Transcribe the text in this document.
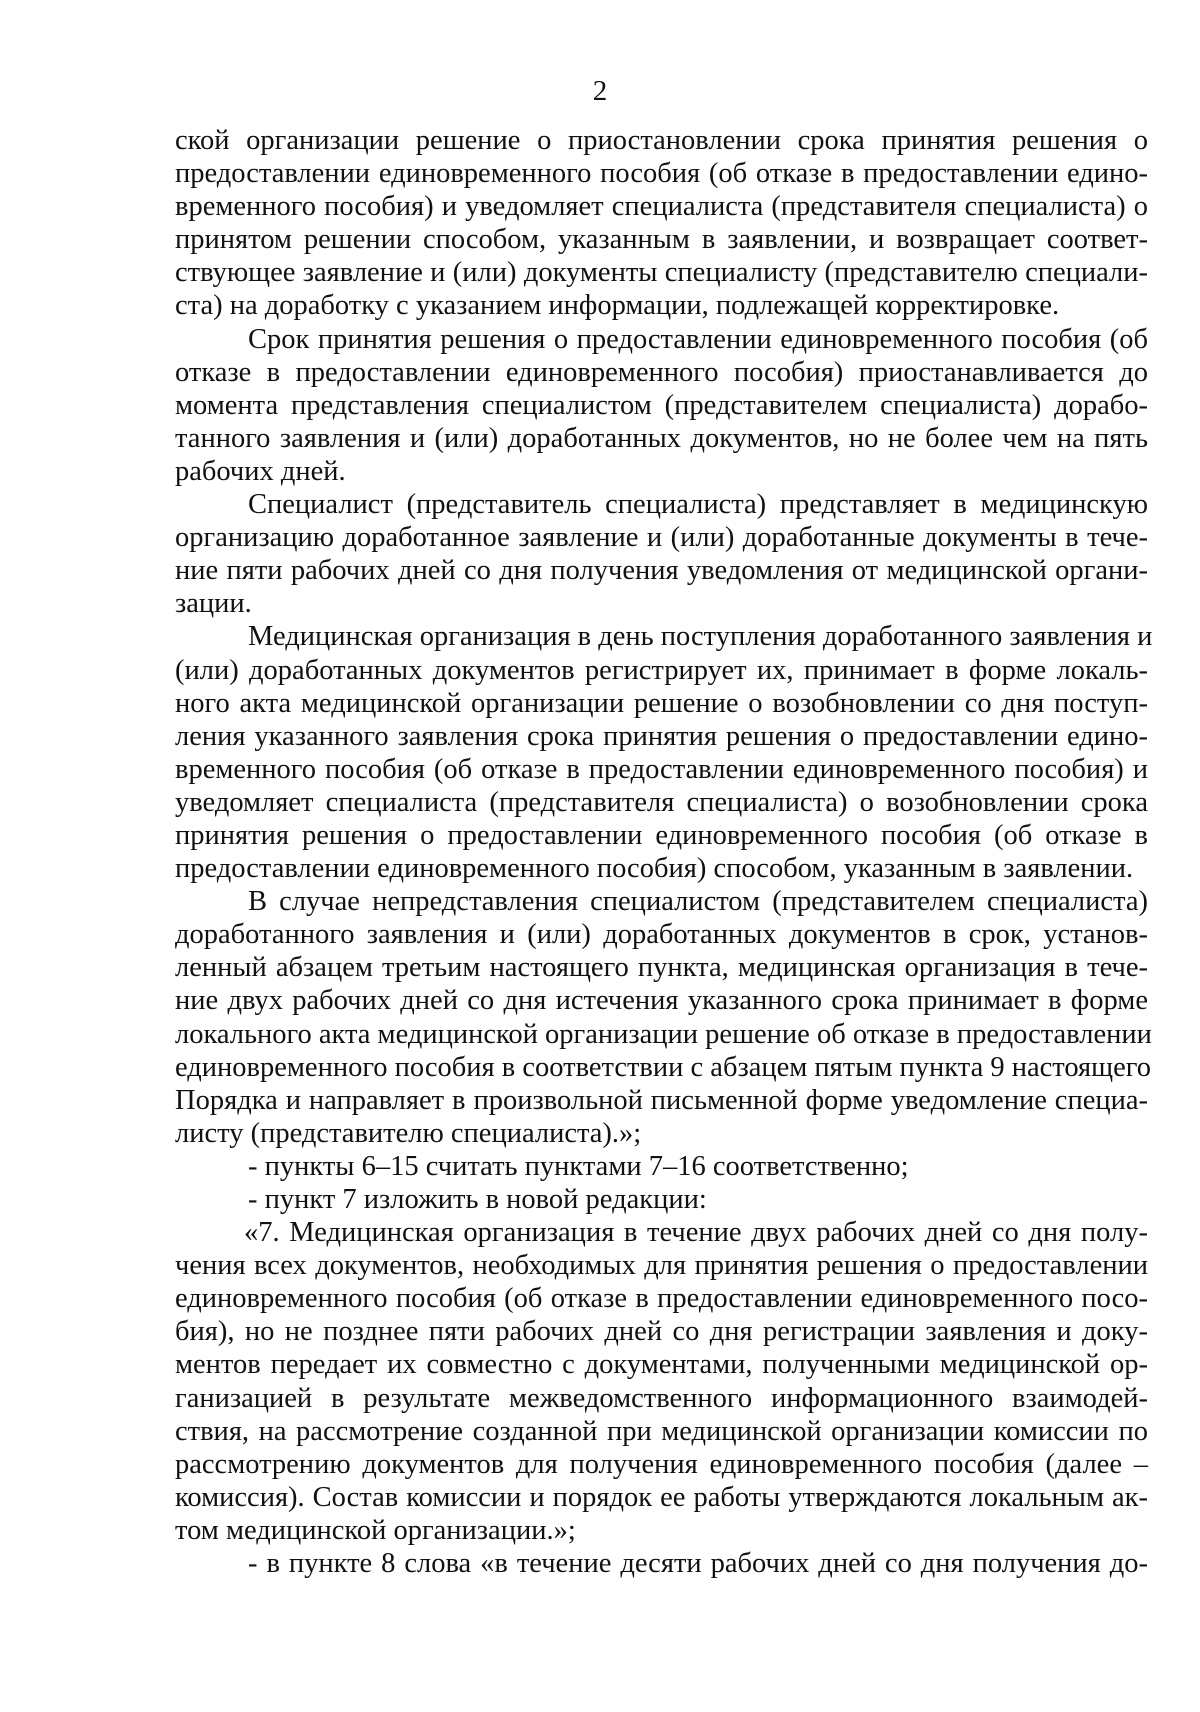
2
ской организации решение о приостановлении срока принятия решения о
предоставлении единовременного пособия (об отказе в предоставлении едино-
временного пособия) и уведомляет специалиста (представителя специалиста) о
принятом решении способом, указанным в заявлении, и возвращает соответ-
ствующее заявление и (или) документы специалисту (представителю специали-
ста) на доработку с указанием информации, подлежащей корректировке.
Срок принятия решения о предоставлении единовременного пособия (об
отказе в предоставлении единовременного пособия) приостанавливается до
момента представления специалистом (представителем специалиста) дорабо-
танного заявления и (или) доработанных документов, но не более чем на пять
рабочих дней.
Специалист (представитель специалиста) представляет в медицинскую
организацию доработанное заявление и (или) доработанные документы в тече-
ние пяти рабочих дней со дня получения уведомления от медицинской органи-
зации.
Медицинская организация в день поступления доработанного заявления и
(или) доработанных документов регистрирует их, принимает в форме локаль-
ного акта медицинской организации решение о возобновлении со дня поступ-
ления указанного заявления срока принятия решения о предоставлении едино-
временного пособия (об отказе в предоставлении единовременного пособия) и
уведомляет специалиста (представителя специалиста) о возобновлении срока
принятия решения о предоставлении единовременного пособия (об отказе в
предоставлении единовременного пособия) способом, указанным в заявлении.
В случае непредставления специалистом (представителем специалиста)
доработанного заявления и (или) доработанных документов в срок, установ-
ленный абзацем третьим настоящего пункта, медицинская организация в тече-
ние двух рабочих дней со дня истечения указанного срока принимает в форме
локального акта медицинской организации решение об отказе в предоставлении
единовременного пособия в соответствии с абзацем пятым пункта 9 настоящего
Порядка и направляет в произвольной письменной форме уведомление специа-
листу (представителю специалиста).»;
- пункты 6–15 считать пунктами 7–16 соответственно;
- пункт 7 изложить в новой редакции:
«7. Медицинская организация в течение двух рабочих дней со дня полу-
чения всех документов, необходимых для принятия решения о предоставлении
единовременного пособия (об отказе в предоставлении единовременного посо-
бия), но не позднее пяти рабочих дней со дня регистрации заявления и доку-
ментов передает их совместно с документами, полученными медицинской ор-
ганизацией в результате межведомственного информационного взаимодей-
ствия, на рассмотрение созданной при медицинской организации комиссии по
рассмотрению документов для получения единовременного пособия (далее –
комиссия). Состав комиссии и порядок ее работы утверждаются локальным ак-
том медицинской организации.»;
- в пункте 8 слова «в течение десяти рабочих дней со дня получения до-
